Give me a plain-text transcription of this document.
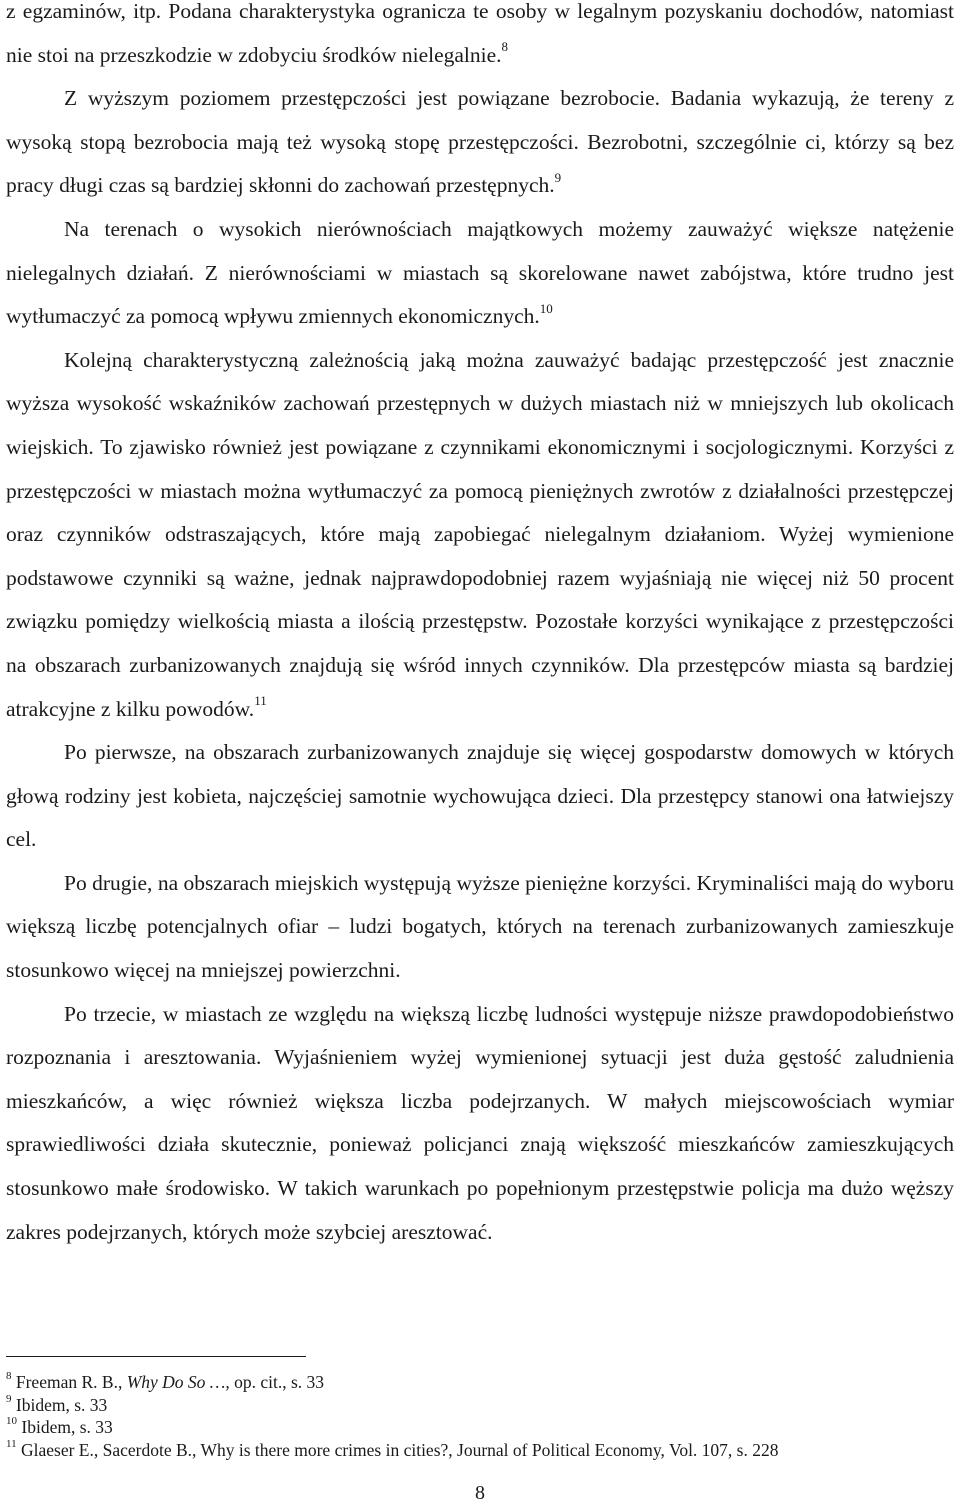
z egzaminów, itp. Podana charakterystyka ogranicza te osoby w legalnym pozyskaniu dochodów, natomiast nie stoi na przeszkodzie w zdobyciu środków nielegalnie.$^8$
Z wyższym poziomem przestępczości jest powiązane bezrobocie. Badania wykazują, że tereny z wysoką stopą bezrobocia mają też wysoką stopę przestępczości. Bezrobotni, szczególnie ci, którzy są bez pracy długi czas są bardziej skłonni do zachowań przestępnych.$^9$
Na terenach o wysokich nierównościach majątkowych możemy zauważyć większe natężenie nielegalnych działań. Z nierównościami w miastach są skorelowane nawet zabójstwa, które trudno jest wytłumaczyć za pomocą wpływu zmiennych ekonomicznych.$^{10}$
Kolejną charakterystyczną zależnością jaką można zauważyć badając przestępczość jest znacznie wyższa wysokość wskaźników zachowań przestępnych w dużych miastach niż w mniejszych lub okolicach wiejskich. To zjawisko również jest powiązane z czynnikami ekonomicznymi i socjologicznymi. Korzyści z przestępczości w miastach można wytłumaczyć za pomocą pieniężnych zwrotów z działalności przestępczej oraz czynników odstraszających, które mają zapobiegać nielegalnym działaniom. Wyżej wymienione podstawowe czynniki są ważne, jednak najprawdopodobniej razem wyjaśniają nie więcej niż 50 procent związku pomiędzy wielkością miasta a ilością przestępstw. Pozostałe korzyści wynikające z przestępczości na obszarach zurbanizowanych znajdują się wśród innych czynników. Dla przestępców miasta są bardziej atrakcyjne z kilku powodów.$^{11}$

Po pierwsze, na obszarach zurbanizowanych znajduje się więcej gospodarstw domowych w których głową rodziny jest kobieta, najczęściej samotnie wychowująca dzieci. Dla przestępcy stanowi ona łatwiejszy cel.

Po drugie, na obszarach miejskich występują wyższe pieniężne korzyści. Kryminaliści mają do wyboru większą liczbę potencjalnych ofiar – ludzi bogatych, których na terenach zurbanizowanych zamieszkuje stosunkowo więcej na mniejszej powierzchni.

Po trzecie, w miastach ze względu na większą liczbę ludności występuje niższe prawdopodobieństwo rozpoznania i aresztowania. Wyjaśnieniem wyżej wymienionej sytuacji jest duża gęstość zaludnienia mieszkańców, a więc również większa liczba podejrzanych. W małych miejscowościach wymiar sprawiedliwości działa skutecznie, ponieważ policjanci znają większość mieszkańców zamieszkujących stosunkowo małe środowisko. W takich warunkach po popełnionym przestępstwie policja ma dużo węższy zakres podejrzanych, których może szybciej aresztować.

$^8$ Freeman R. B., Why Do So …, op. cit., s. 33

$^9$ Ibidem, s. 33

$^{10}$ Ibidem, s. 33

$^{11}$ Glaeser E., Sacerdote B., Why is there more crimes in cities?, Journal of Political Economy, Vol. 107, s. 228

8
